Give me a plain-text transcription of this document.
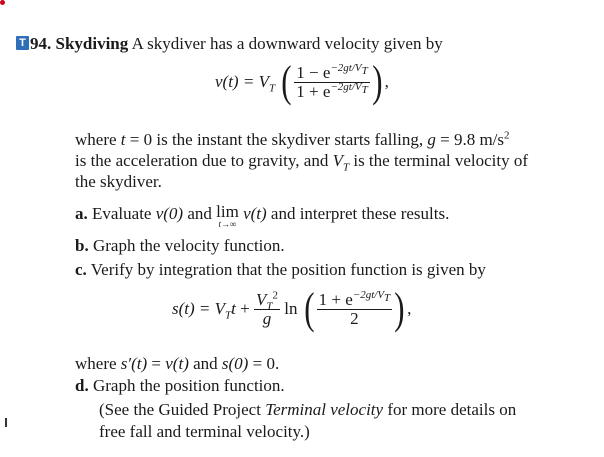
T 94. Skydiving A skydiver has a downward velocity given by
$v(t) = V_T$ ( $\frac{1 - e^{-2gt/V_T}}{1 + e^{-2gt/V_T}}$ ) ,
where t = 0 is the instant the skydiver starts falling, g = 9.8 $m/s^2$
is the acceleration due to gravity, and $V_T$ is the terminal velocity of
the skydiver.
a. Evaluate v(0) and lim
t→∞
v(t) and interpret these results.
b. Graph the velocity function.
c. Verify by integration that the position function is given by
$s(t) = V_Tt + \frac{V_T^2}{g}$ ln ( $\frac{1 + e^{-2gt/V_T}}{2}$ ) ,
where s′(t) = v(t) and s(0) = 0.
d. Graph the position function.
(See the Guided Project Terminal velocity for more details on
free fall and terminal velocity.)
